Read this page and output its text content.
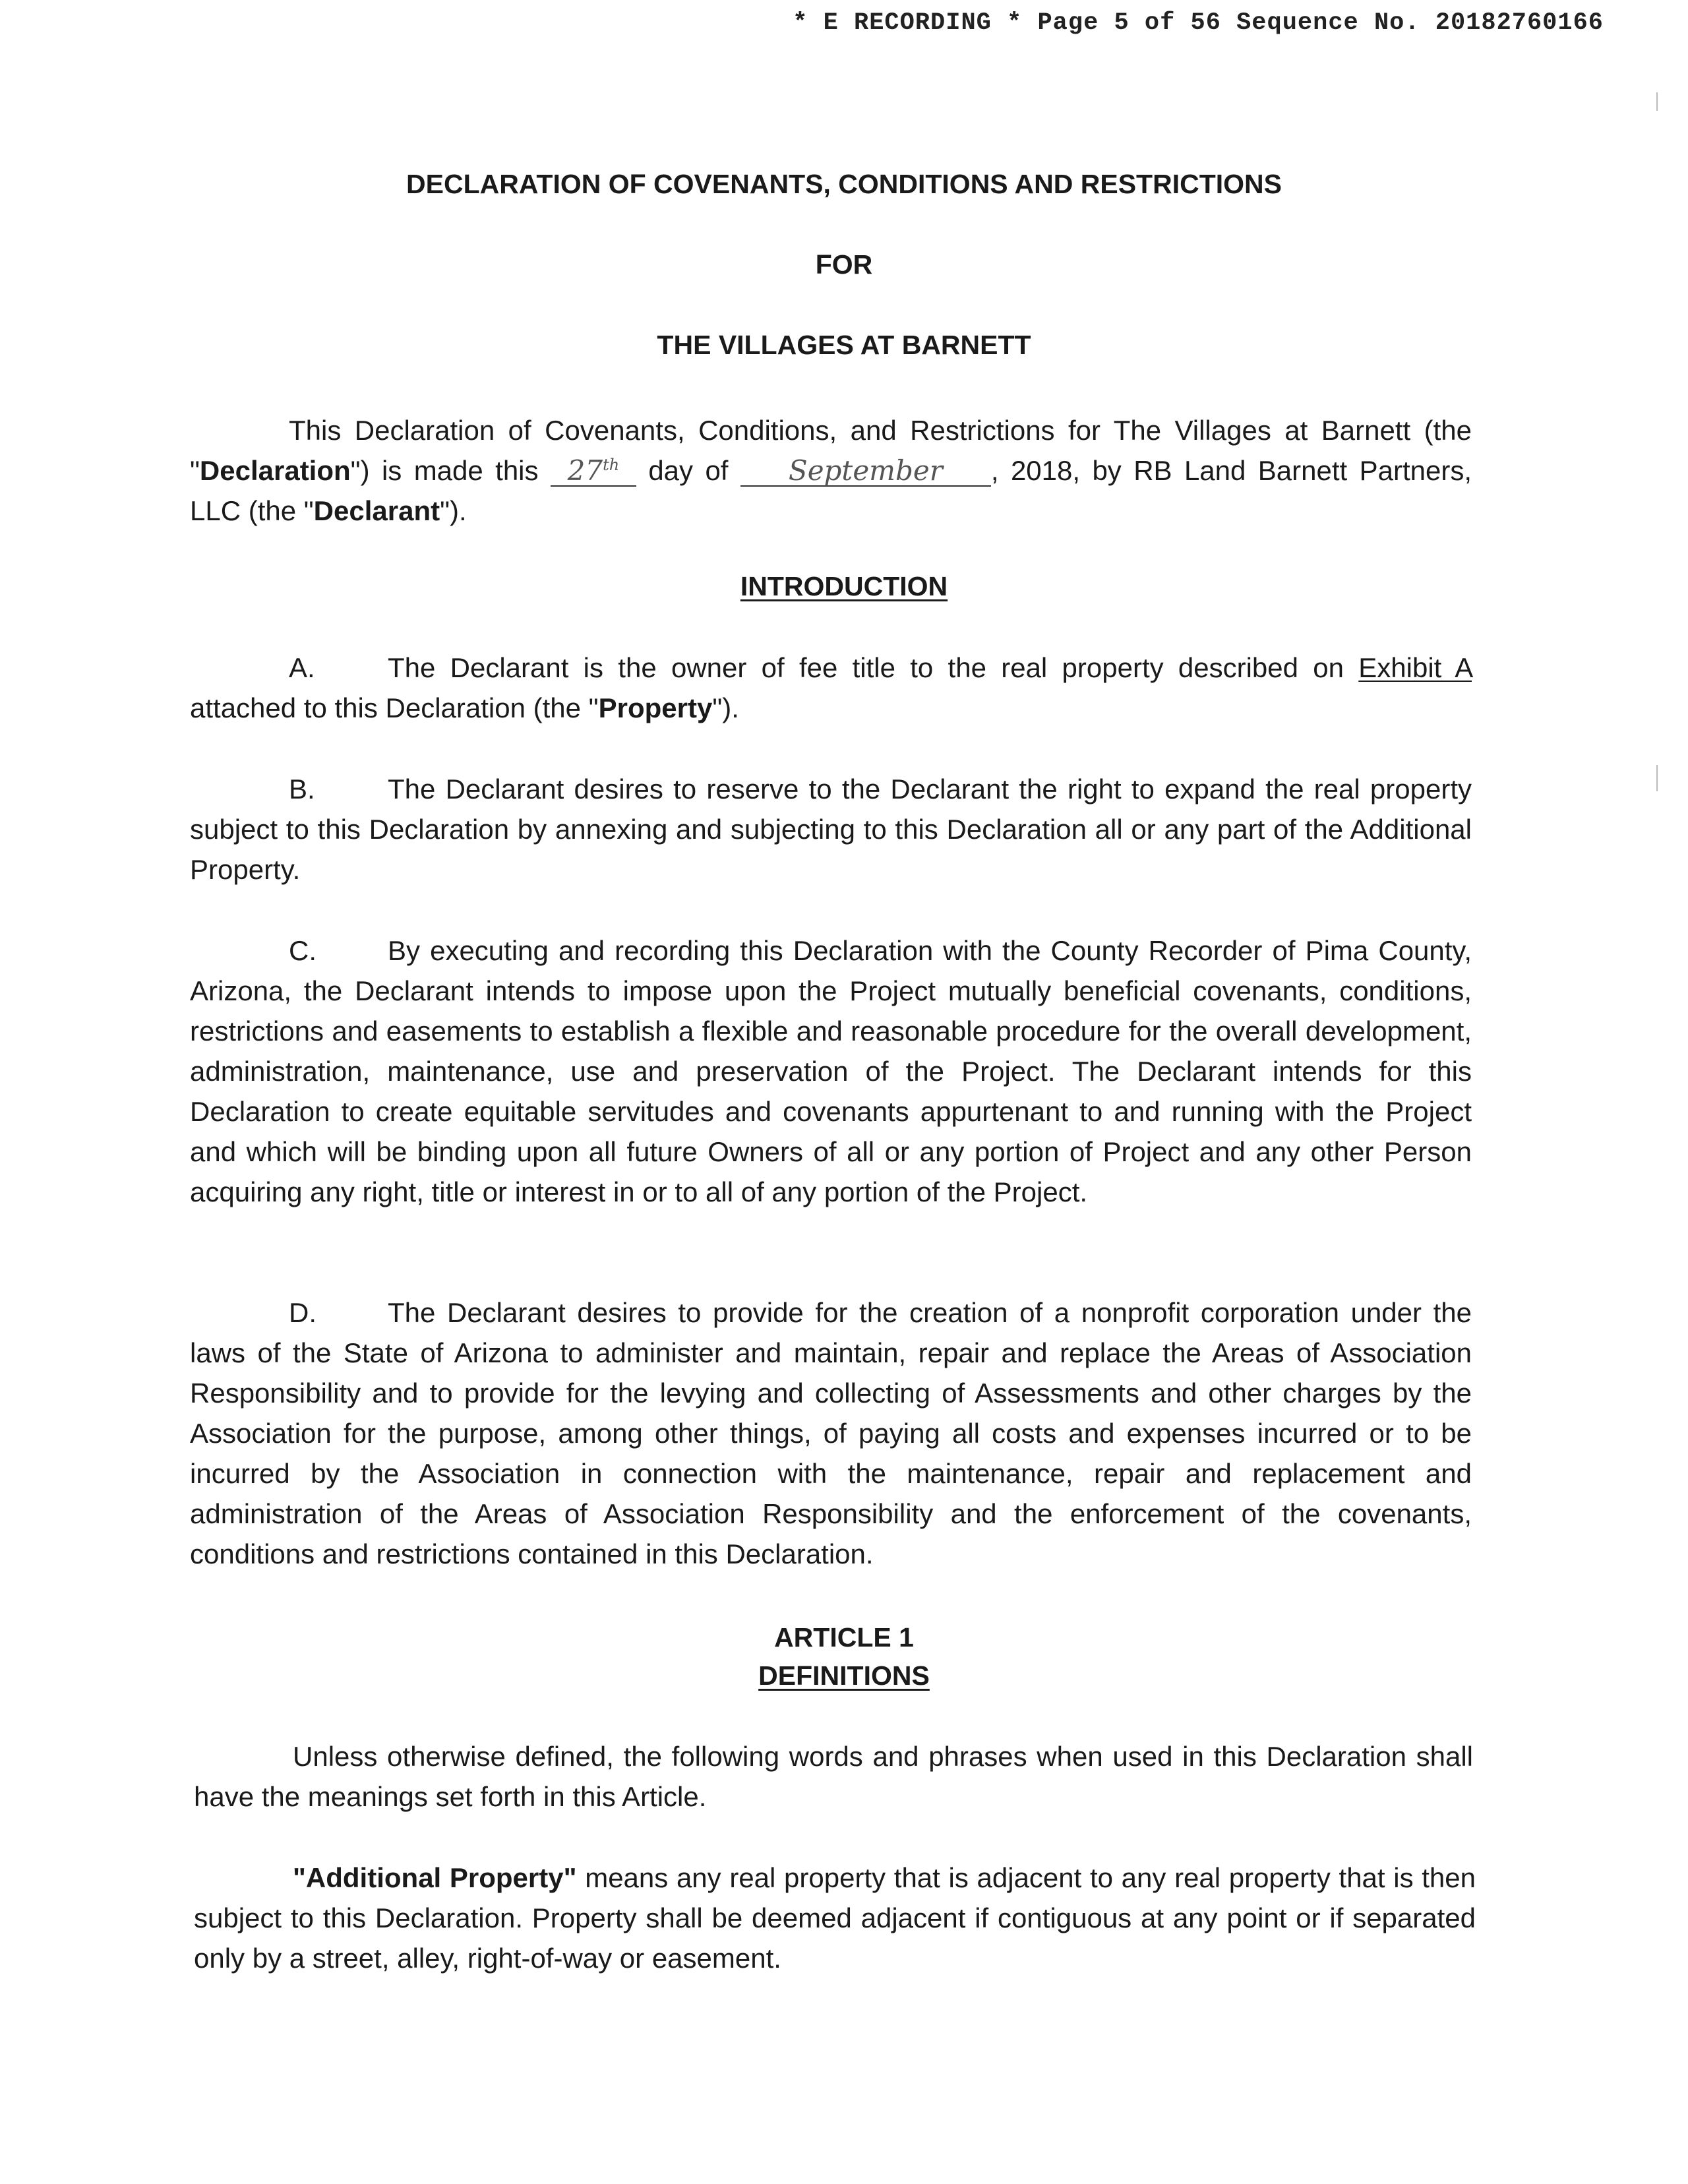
* E RECORDING * Page 5 of 56 Sequence No. 20182760166
DECLARATION OF COVENANTS, CONDITIONS AND RESTRICTIONS
FOR
THE VILLAGES AT BARNETT
This Declaration of Covenants, Conditions, and Restrictions for The Villages at Barnett (the "Declaration") is made this 27th day of September , 2018, by RB Land Barnett Partners, LLC (the "Declarant").
INTRODUCTION
A.	The Declarant is the owner of fee title to the real property described on Exhibit A attached to this Declaration (the "Property").
B.	The Declarant desires to reserve to the Declarant the right to expand the real property subject to this Declaration by annexing and subjecting to this Declaration all or any part of the Additional Property.
C.	By executing and recording this Declaration with the County Recorder of Pima County, Arizona, the Declarant intends to impose upon the Project mutually beneficial covenants, conditions, restrictions and easements to establish a flexible and reasonable procedure for the overall development, administration, maintenance, use and preservation of the Project. The Declarant intends for this Declaration to create equitable servitudes and covenants appurtenant to and running with the Project and which will be binding upon all future Owners of all or any portion of Project and any other Person acquiring any right, title or interest in or to all of any portion of the Project.
D.	The Declarant desires to provide for the creation of a nonprofit corporation under the laws of the State of Arizona to administer and maintain, repair and replace the Areas of Association Responsibility and to provide for the levying and collecting of Assessments and other charges by the Association for the purpose, among other things, of paying all costs and expenses incurred or to be incurred by the Association in connection with the maintenance, repair and replacement and administration of the Areas of Association Responsibility and the enforcement of the covenants, conditions and restrictions contained in this Declaration.
ARTICLE 1
DEFINITIONS
Unless otherwise defined, the following words and phrases when used in this Declaration shall have the meanings set forth in this Article.
"Additional Property" means any real property that is adjacent to any real property that is then subject to this Declaration. Property shall be deemed adjacent if contiguous at any point or if separated only by a street, alley, right-of-way or easement.
